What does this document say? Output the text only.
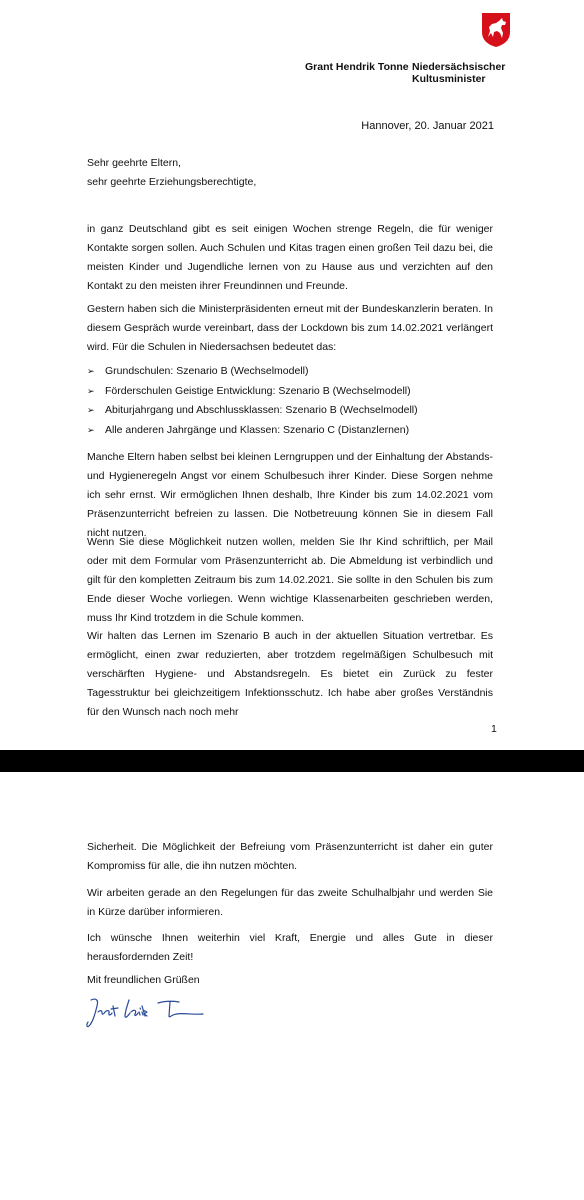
Grant Hendrik Tonne Niedersächsischer Kultusminister
Hannover, 20. Januar 2021
Sehr geehrte Eltern,
sehr geehrte Erziehungsberechtigte,

in ganz Deutschland gibt es seit einigen Wochen strenge Regeln, die für weniger Kontakte sorgen sollen. Auch Schulen und Kitas tragen einen großen Teil dazu bei, die meisten Kinder und Jugendliche lernen von zu Hause aus und verzichten auf den Kontakt zu den meisten ihrer Freundinnen und Freunde.

Gestern haben sich die Ministerpräsidenten erneut mit der Bundeskanzlerin beraten. In diesem Gespräch wurde vereinbart, dass der Lockdown bis zum 14.02.2021 verlängert wird. Für die Schulen in Niedersachsen bedeutet das:

➢ Grundschulen: Szenario B (Wechselmodell)
➢ Förderschulen Geistige Entwicklung: Szenario B (Wechselmodell)
➢ Abiturjahrgang und Abschlussklassen: Szenario B (Wechselmodell)
➢ Alle anderen Jahrgänge und Klassen: Szenario C (Distanzlernen)

Manche Eltern haben selbst bei kleinen Lerngruppen und der Einhaltung der Abstands- und Hygieneregeln Angst vor einem Schulbesuch ihrer Kinder. Diese Sorgen nehme ich sehr ernst. Wir ermöglichen Ihnen deshalb, Ihre Kinder bis zum 14.02.2021 vom Präsenzunterricht befreien zu lassen. Die Notbetreuung können Sie in diesem Fall nicht nutzen.

Wenn Sie diese Möglichkeit nutzen wollen, melden Sie Ihr Kind schriftlich, per Mail oder mit dem Formular vom Präsenzunterricht ab. Die Abmeldung ist verbindlich und gilt für den kompletten Zeitraum bis zum 14.02.2021. Sie sollte in den Schulen bis zum Ende dieser Woche vorliegen. Wenn wichtige Klassenarbeiten geschrieben werden, muss Ihr Kind trotzdem in die Schule kommen.

Wir halten das Lernen im Szenario B auch in der aktuellen Situation vertretbar. Es ermöglicht, einen zwar reduzierten, aber trotzdem regelmäßigen Schulbesuch mit verschärften Hygiene- und Abstandsregeln. Es bietet ein Zurück zu fester Tagesstruktur bei gleichzeitigem Infektionsschutz. Ich habe aber großes Verständnis für den Wunsch nach noch mehr

1

Sicherheit. Die Möglichkeit der Befreiung vom Präsenzunterricht ist daher ein guter Kompromiss für alle, die ihn nutzen möchten.

Wir arbeiten gerade an den Regelungen für das zweite Schulhalbjahr und werden Sie in Kürze darüber informieren.

Ich wünsche Ihnen weiterhin viel Kraft, Energie und alles Gute in dieser herausfordernden Zeit!

Mit freundlichen Grüßen
